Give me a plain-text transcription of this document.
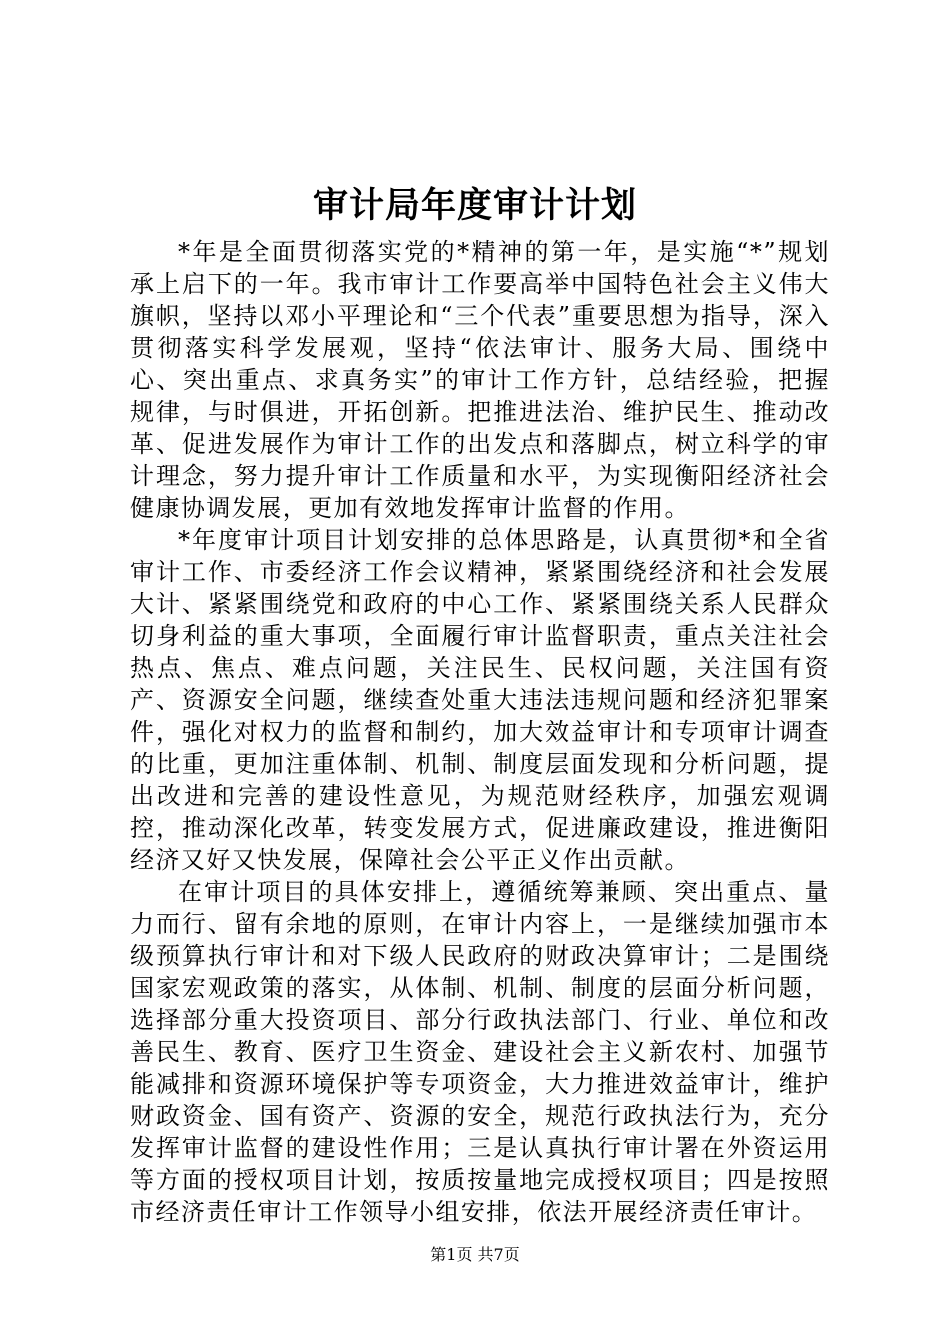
审计局年度审计计划

*年是全面贯彻落实党的*精神的第一年，是实施“*”规划承上启下的一年。我市审计工作要高举中国特色社会主义伟大旗帜，坚持以邓小平理论和“三个代表”重要思想为指导，深入贯彻落实科学发展观，坚持“依法审计、服务大局、围绕中心、突出重点、求真务实”的审计工作方针，总结经验，把握规律，与时俱进，开拓创新。把推进法治、维护民生、推动改革、促进发展作为审计工作的出发点和落脚点，树立科学的审计理念，努力提升审计工作质量和水平，为实现衡阳经济社会健康协调发展，更加有效地发挥审计监督的作用。

*年度审计项目计划安排的总体思路是，认真贯彻*和全省审计工作、市委经济工作会议精神，紧紧围绕经济和社会发展大计、紧紧围绕党和政府的中心工作、紧紧围绕关系人民群众切身利益的重大事项，全面履行审计监督职责，重点关注社会热点、焦点、难点问题，关注民生、民权问题，关注国有资产、资源安全问题，继续查处重大违法违规问题和经济犯罪案件，强化对权力的监督和制约，加大效益审计和专项审计调查的比重，更加注重体制、机制、制度层面发现和分析问题，提出改进和完善的建设性意见，为规范财经秩序，加强宏观调控，推动深化改革，转变发展方式，促进廉政建设，推进衡阳经济又好又快发展，保障社会公平正义作出贡献。

在审计项目的具体安排上，遵循统筹兼顾、突出重点、量力而行、留有余地的原则，在审计内容上，一是继续加强市本级预算执行审计和对下级人民政府的财政决算审计；二是围绕国家宏观政策的落实，从体制、机制、制度的层面分析问题，选择部分重大投资项目、部分行政执法部门、行业、单位和改善民生、教育、医疗卫生资金、建设社会主义新农村、加强节能减排和资源环境保护等专项资金，大力推进效益审计，维护财政资金、国有资产、资源的安全，规范行政执法行为，充分发挥审计监督的建设性作用；三是认真执行审计署在外资运用等方面的授权项目计划，按质按量地完成授权项目；四是按照市经济责任审计工作领导小组安排，依法开展经济责任审计。

第1页 共7页
